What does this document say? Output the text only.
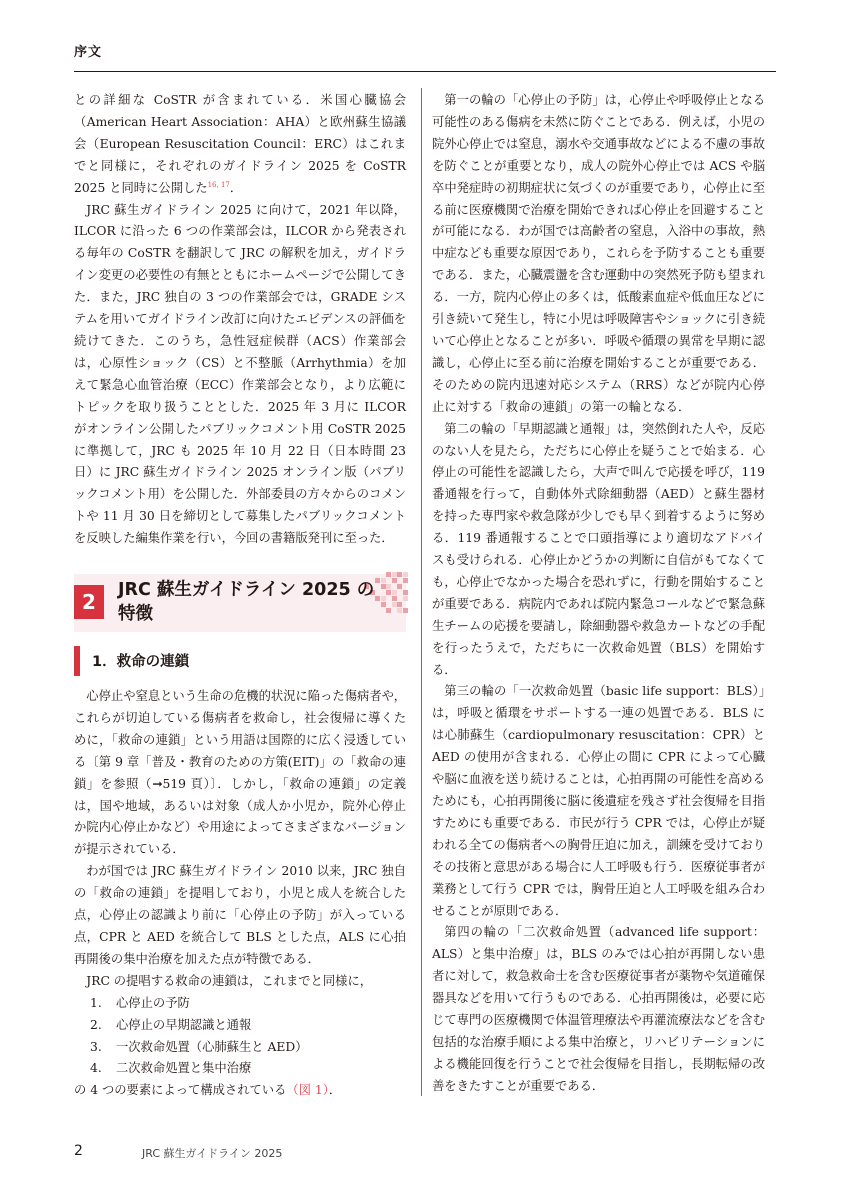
序文

との詳細な CoSTR が含まれている．米国心臓協会（American Heart Association：AHA）と欧州蘇生協議会（European Resuscitation Council：ERC）はこれまでと同様に，それぞれのガイドライン 2025 を CoSTR 2025 と同時に公開した$^{16, 17}$．

JRC 蘇生ガイドライン 2025 に向けて，2021 年以降，ILCOR に沿った 6 つの作業部会は，ILCOR から発表される毎年の CoSTR を翻訳して JRC の解釈を加え，ガイドライン変更の必要性の有無とともにホームページで公開してきた．また，JRC 独自の 3 つの作業部会では，GRADE システムを用いてガイドライン改訂に向けたエビデンスの評価を続けてきた．このうち，急性冠症候群（ACS）作業部会は，心原性ショック（CS）と不整脈（Arrhythmia）を加えて緊急心血管治療（ECC）作業部会となり，より広範にトピックを取り扱うこととした．2025 年 3 月に ILCOR がオンライン公開したパブリックコメント用 CoSTR 2025 に準拠して，JRC も 2025 年 10 月 22 日（日本時間 23 日）に JRC 蘇生ガイドライン 2025 オンライン版（パブリックコメント用）を公開した．外部委員の方々からのコメントや 11 月 30 日を締切として募集したパブリックコメントを反映した編集作業を行い，今回の書籍版発刊に至った．

2	JRC 蘇生ガイドライン 2025 の
特徴
1．救命の連鎖

心停止や窒息という生命の危機的状況に陥った傷病者や，これらが切迫している傷病者を救命し，社会復帰に導くために，「救命の連鎖」という用語は国際的に広く浸透している〔第 9 章「普及・教育のための方策(EIT)」の「救命の連鎖」を参照（➞519 頁）〕．しかし，「救命の連鎖」の定義は，国や地域，あるいは対象（成人か小児か，院外心停止か院内心停止かなど）や用途によってさまざまなバージョンが提示されている．

わが国では JRC 蘇生ガイドライン 2010 以来，JRC 独自の「救命の連鎖」を提唱しており，小児と成人を統合した点，心停止の認識より前に「心停止の予防」が入っている点，CPR と AED を統合して BLS とした点，ALS に心拍再開後の集中治療を加えた点が特徴である．

JRC の提唱する救命の連鎖は，これまでと同様に，

1. 心停止の予防
2. 心停止の早期認識と通報
3. 一次救命処置（心肺蘇生と AED）
4. 二次救命処置と集中治療

の 4 つの要素によって構成されている（図 1）．

第一の輪の「心停止の予防」は，心停止や呼吸停止となる可能性のある傷病を未然に防ぐことである．例えば，小児の院外心停止では窒息，溺水や交通事故などによる不慮の事故を防ぐことが重要となり，成人の院外心停止では ACS や脳卒中発症時の初期症状に気づくのが重要であり，心停止に至る前に医療機関で治療を開始できれば心停止を回避することが可能になる．わが国では高齢者の窒息，入浴中の事故，熱中症なども重要な原因であり，これらを予防することも重要である．また，心臓震盪を含む運動中の突然死予防も望まれる．一方，院内心停止の多くは，低酸素血症や低血圧などに引き続いて発生し，特に小児は呼吸障害やショックに引き続いて心停止となることが多い．呼吸や循環の異常を早期に認識し，心停止に至る前に治療を開始することが重要である．そのための院内迅速対応システム（RRS）などが院内心停止に対する「救命の連鎖」の第一の輪となる．

第二の輪の「早期認識と通報」は，突然倒れた人や，反応のない人を見たら，ただちに心停止を疑うことで始まる．心停止の可能性を認識したら，大声で叫んで応援を呼び，119 番通報を行って，自動体外式除細動器（AED）と蘇生器材を持った専門家や救急隊が少しでも早く到着するように努める．119 番通報することで口頭指導により適切なアドバイスも受けられる．心停止かどうかの判断に自信がもてなくても，心停止でなかった場合を恐れずに，行動を開始することが重要である．病院内であれば院内緊急コールなどで緊急蘇生チームの応援を要請し，除細動器や救急カートなどの手配を行ったうえで，ただちに一次救命処置（BLS）を開始する．

第三の輪の「一次救命処置（basic life support：BLS）」は，呼吸と循環をサポートする一連の処置である．BLS には心肺蘇生（cardiopulmonary resuscitation：CPR）と AED の使用が含まれる．心停止の間に CPR によって心臓や脳に血液を送り続けることは，心拍再開の可能性を高めるためにも，心拍再開後に脳に後遺症を残さず社会復帰を目指すためにも重要である．市民が行う CPR では，心停止が疑われる全ての傷病者への胸骨圧迫に加え，訓練を受けておりその技術と意思がある場合に人工呼吸も行う．医療従事者が業務として行う CPR では，胸骨圧迫と人工呼吸を組み合わせることが原則である．

第四の輪の「二次救命処置（advanced life support：ALS）と集中治療」は，BLS のみでは心拍が再開しない患者に対して，救急救命士を含む医療従事者が薬物や気道確保器具などを用いて行うものである．心拍再開後は，必要に応じて専門の医療機関で体温管理療法や再灌流療法などを含む包括的な治療手順による集中治療と，リハビリテーションによる機能回復を行うことで社会復帰を目指し，長期転帰の改善をきたすことが重要である．

2	JRC 蘇生ガイドライン 2025
